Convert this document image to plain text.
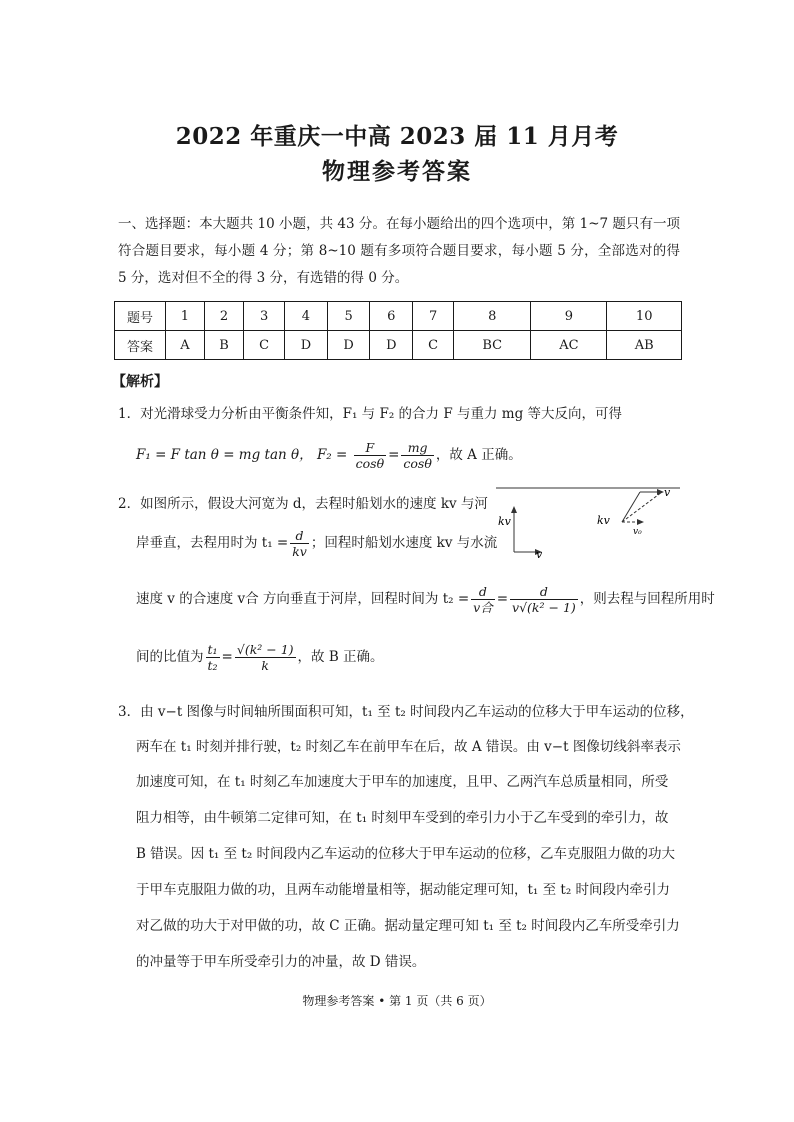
2022 年重庆一中高 2023 届 11 月月考
物理参考答案
一、选择题：本大题共 10 小题，共 43 分。在每小题给出的四个选项中，第 1~7 题只有一项符合题目要求，每小题 4 分；第 8~10 题有多项符合题目要求，每小题 5 分，全部选对的得 5 分，选对但不全的得 3 分，有选错的得 0 分。
题号	1	2	3	4	5	6	7	8	9	10
答案	A	B	C	D	D	D	C	BC	AC	AB
【解析】
1．对光滑球受力分析由平衡条件知，F₁ 与 F₂ 的合力 F 与重力 mg 等大反向，可得
F₁ = F tan θ = mg tan θ， $F_2 = \frac{F}{\cos\theta} = \frac{mg}{\cos\theta}$ ，故 A 正确。
2．如图所示，假设大河宽为 d，去程时船划水的速度 kv 与河
岸垂直，去程用时为 $t_1 = \frac{d}{kv}$ ；回程时船划水速度 kv 与水流
速度 v 的合速度 v合 方向垂直于河岸，回程时间为 $t_2 = \frac{d}{\text{v合}} = \frac{d}{\text{v√(k² − 1)}}$ ，则去程与回程所用时
间的比值为 $\frac{\text{t₁}}{\text{t₂}} = \frac{\text{√(k² − 1)}}{k}$ ，故 B 正确。
kv
v
kv
v
v₀
3．由 v−t 图像与时间轴所围面积可知，t₁ 至 t₂ 时间段内乙车运动的位移大于甲车运动的位移，
两车在 t₁ 时刻并排行驶，t₂ 时刻乙车在前甲车在后，故 A 错误。由 v−t 图像切线斜率表示
加速度可知，在 t₁ 时刻乙车加速度大于甲车的加速度，且甲、乙两汽车总质量相同，所受
阻力相等，由牛顿第二定律可知，在 t₁ 时刻甲车受到的牵引力小于乙车受到的牵引力，故
B 错误。因 t₁ 至 t₂ 时间段内乙车运动的位移大于甲车运动的位移，乙车克服阻力做的功大
于甲车克服阻力做的功，且两车动能增量相等，据动能定理可知，t₁ 至 t₂ 时间段内牵引力
对乙做的功大于对甲做的功，故 C 正确。据动量定理可知 t₁ 至 t₂ 时间段内乙车所受牵引力
的冲量等于甲车所受牵引力的冲量，故 D 错误。
物理参考答案 • 第 1 页（共 6 页）
